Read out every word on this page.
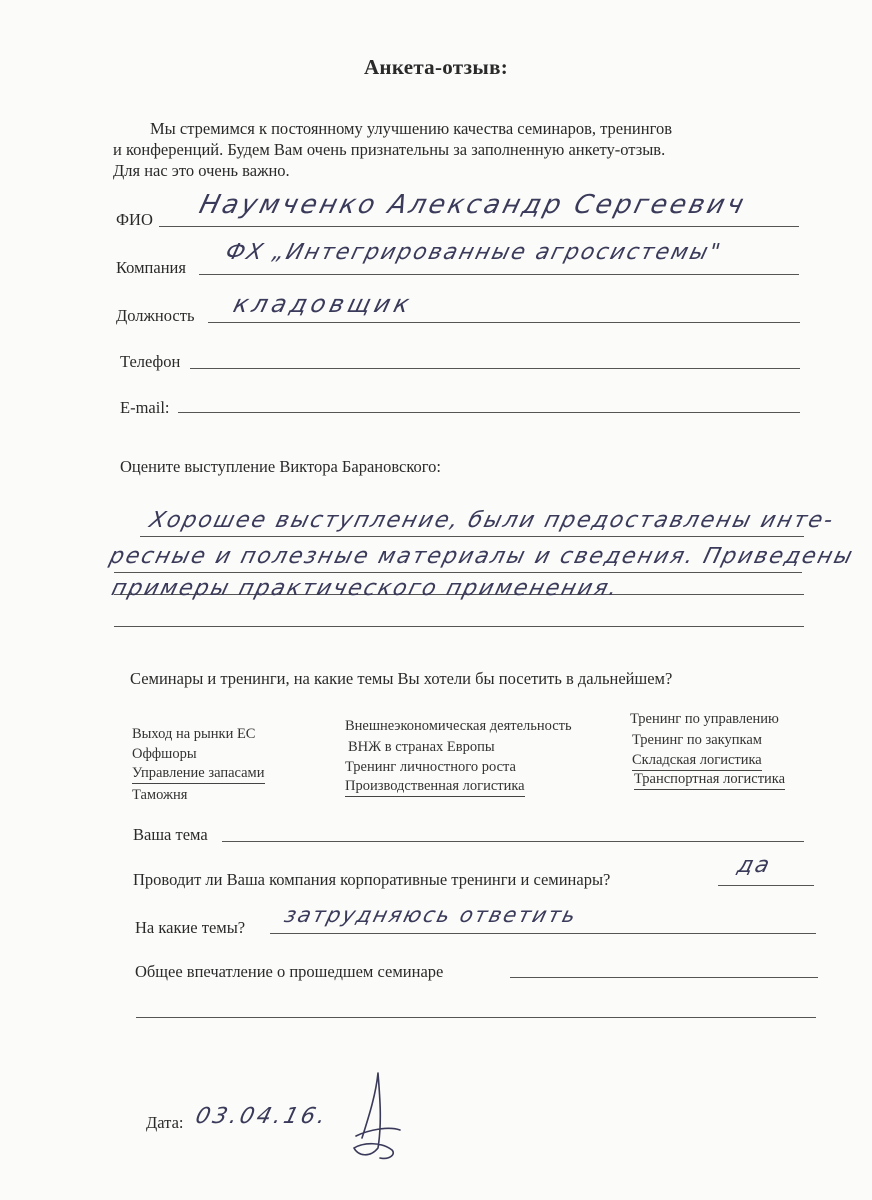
Анкета-отзыв:
Мы стремимся к постоянному улучшению качества семинаров, тренингов
и конференций. Будем Вам очень признательны за заполненную анкету-отзыв.
Для нас это очень важно.
ФИО Наумченко Александр Сергеевич
Компания
ФХ „Интегрированные агросистемы"
Должность кладовщик
Телефон
E-mail:
Оцените выступление Виктора Барановского:
Хорошее выступление, были предоставлены инте-
ресные и полезные материалы и сведения. Приведены
примеры практического применения.
Семинары и тренинги, на какие темы Вы хотели бы посетить в дальнейшем?
Выход на рынки ЕС
Оффшоры
Управление запасами
Таможня
Внешнеэкономическая деятельность
ВНЖ в странах Европы
Тренинг личностного роста
Производственная логистика
Тренинг по управлению
Тренинг по закупкам
Складская логистика
Транспортная логистика
Ваша тема
Проводит ли Ваша компания корпоративные тренинги и семинары?
да
На какие темы?
затрудняюсь ответить
Общее впечатление о прошедшем семинаре
Дата: 03.04.16.
